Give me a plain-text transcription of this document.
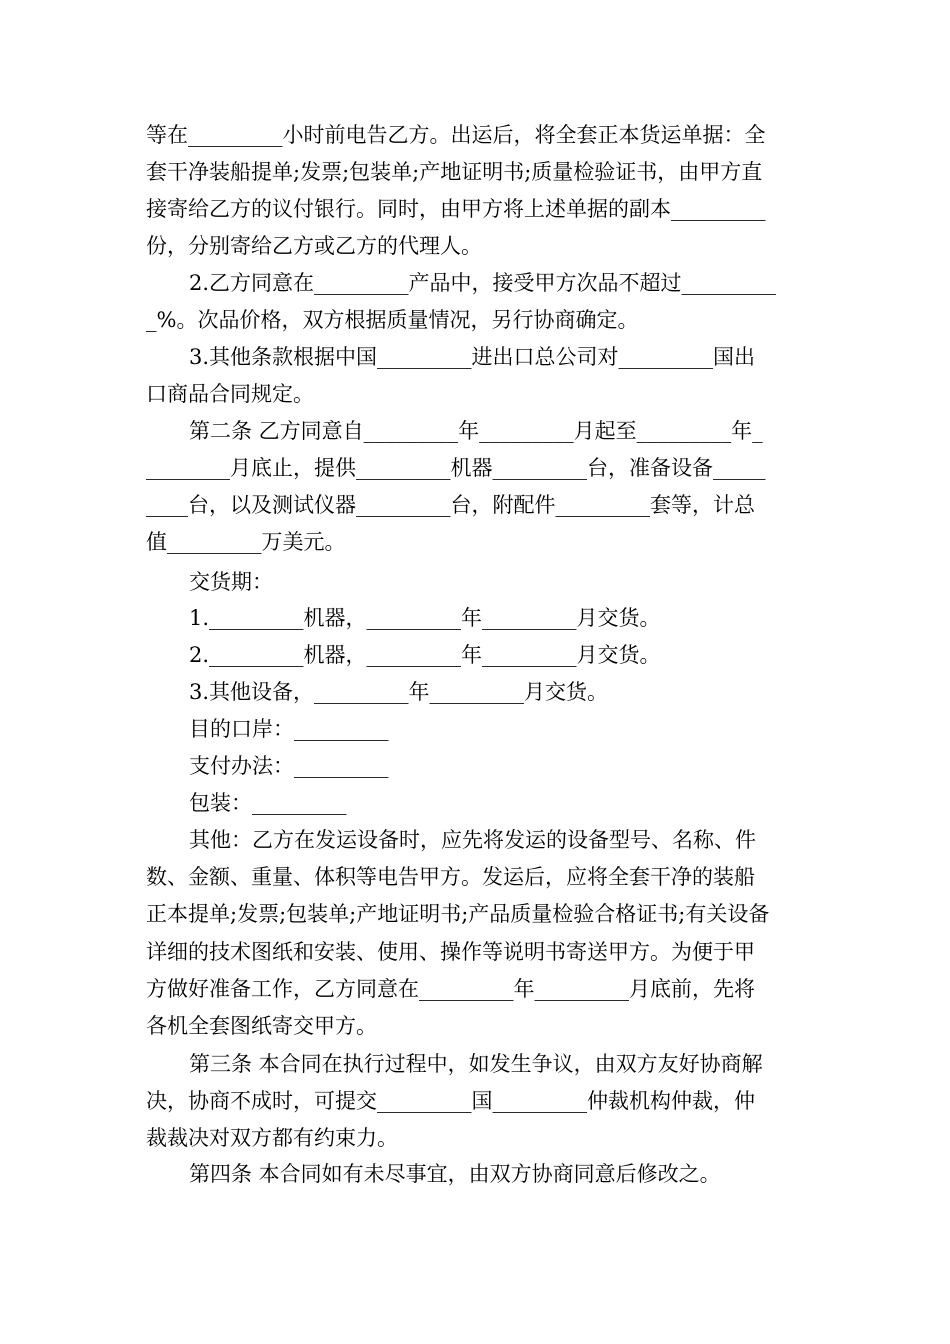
等在_________小时前电告乙方。出运后，将全套正本货运单据：全
套干净装船提单;发票;包装单;产地证明书;质量检验证书，由甲方直
接寄给乙方的议付银行。同时，由甲方将上述单据的副本_________
份，分别寄给乙方或乙方的代理人。
2.乙方同意在_________产品中，接受甲方次品不超过_________
_%。次品价格，双方根据质量情况，另行协商确定。
3.其他条款根据中国_________进出口总公司对_________国出
口商品合同规定。
第二条 乙方同意自_________年_________月起至_________年_
________月底止，提供_________机器_________台，准备设备_____
____台，以及测试仪器_________台，附配件_________套等，计总
值_________万美元。
交货期：
1._________机器，_________年_________月交货。
2._________机器，_________年_________月交货。
3.其他设备，_________年_________月交货。
目的口岸：_________
支付办法：_________
包装：_________
其他：乙方在发运设备时，应先将发运的设备型号、名称、件
数、金额、重量、体积等电告甲方。发运后，应将全套干净的装船
正本提单;发票;包装单;产地证明书;产品质量检验合格证书;有关设备
详细的技术图纸和安装、使用、操作等说明书寄送甲方。为便于甲
方做好准备工作，乙方同意在_________年_________月底前，先将
各机全套图纸寄交甲方。
第三条 本合同在执行过程中，如发生争议，由双方友好协商解
决，协商不成时，可提交_________国_________仲裁机构仲裁，仲
裁裁决对双方都有约束力。
第四条 本合同如有未尽事宜，由双方协商同意后修改之。
